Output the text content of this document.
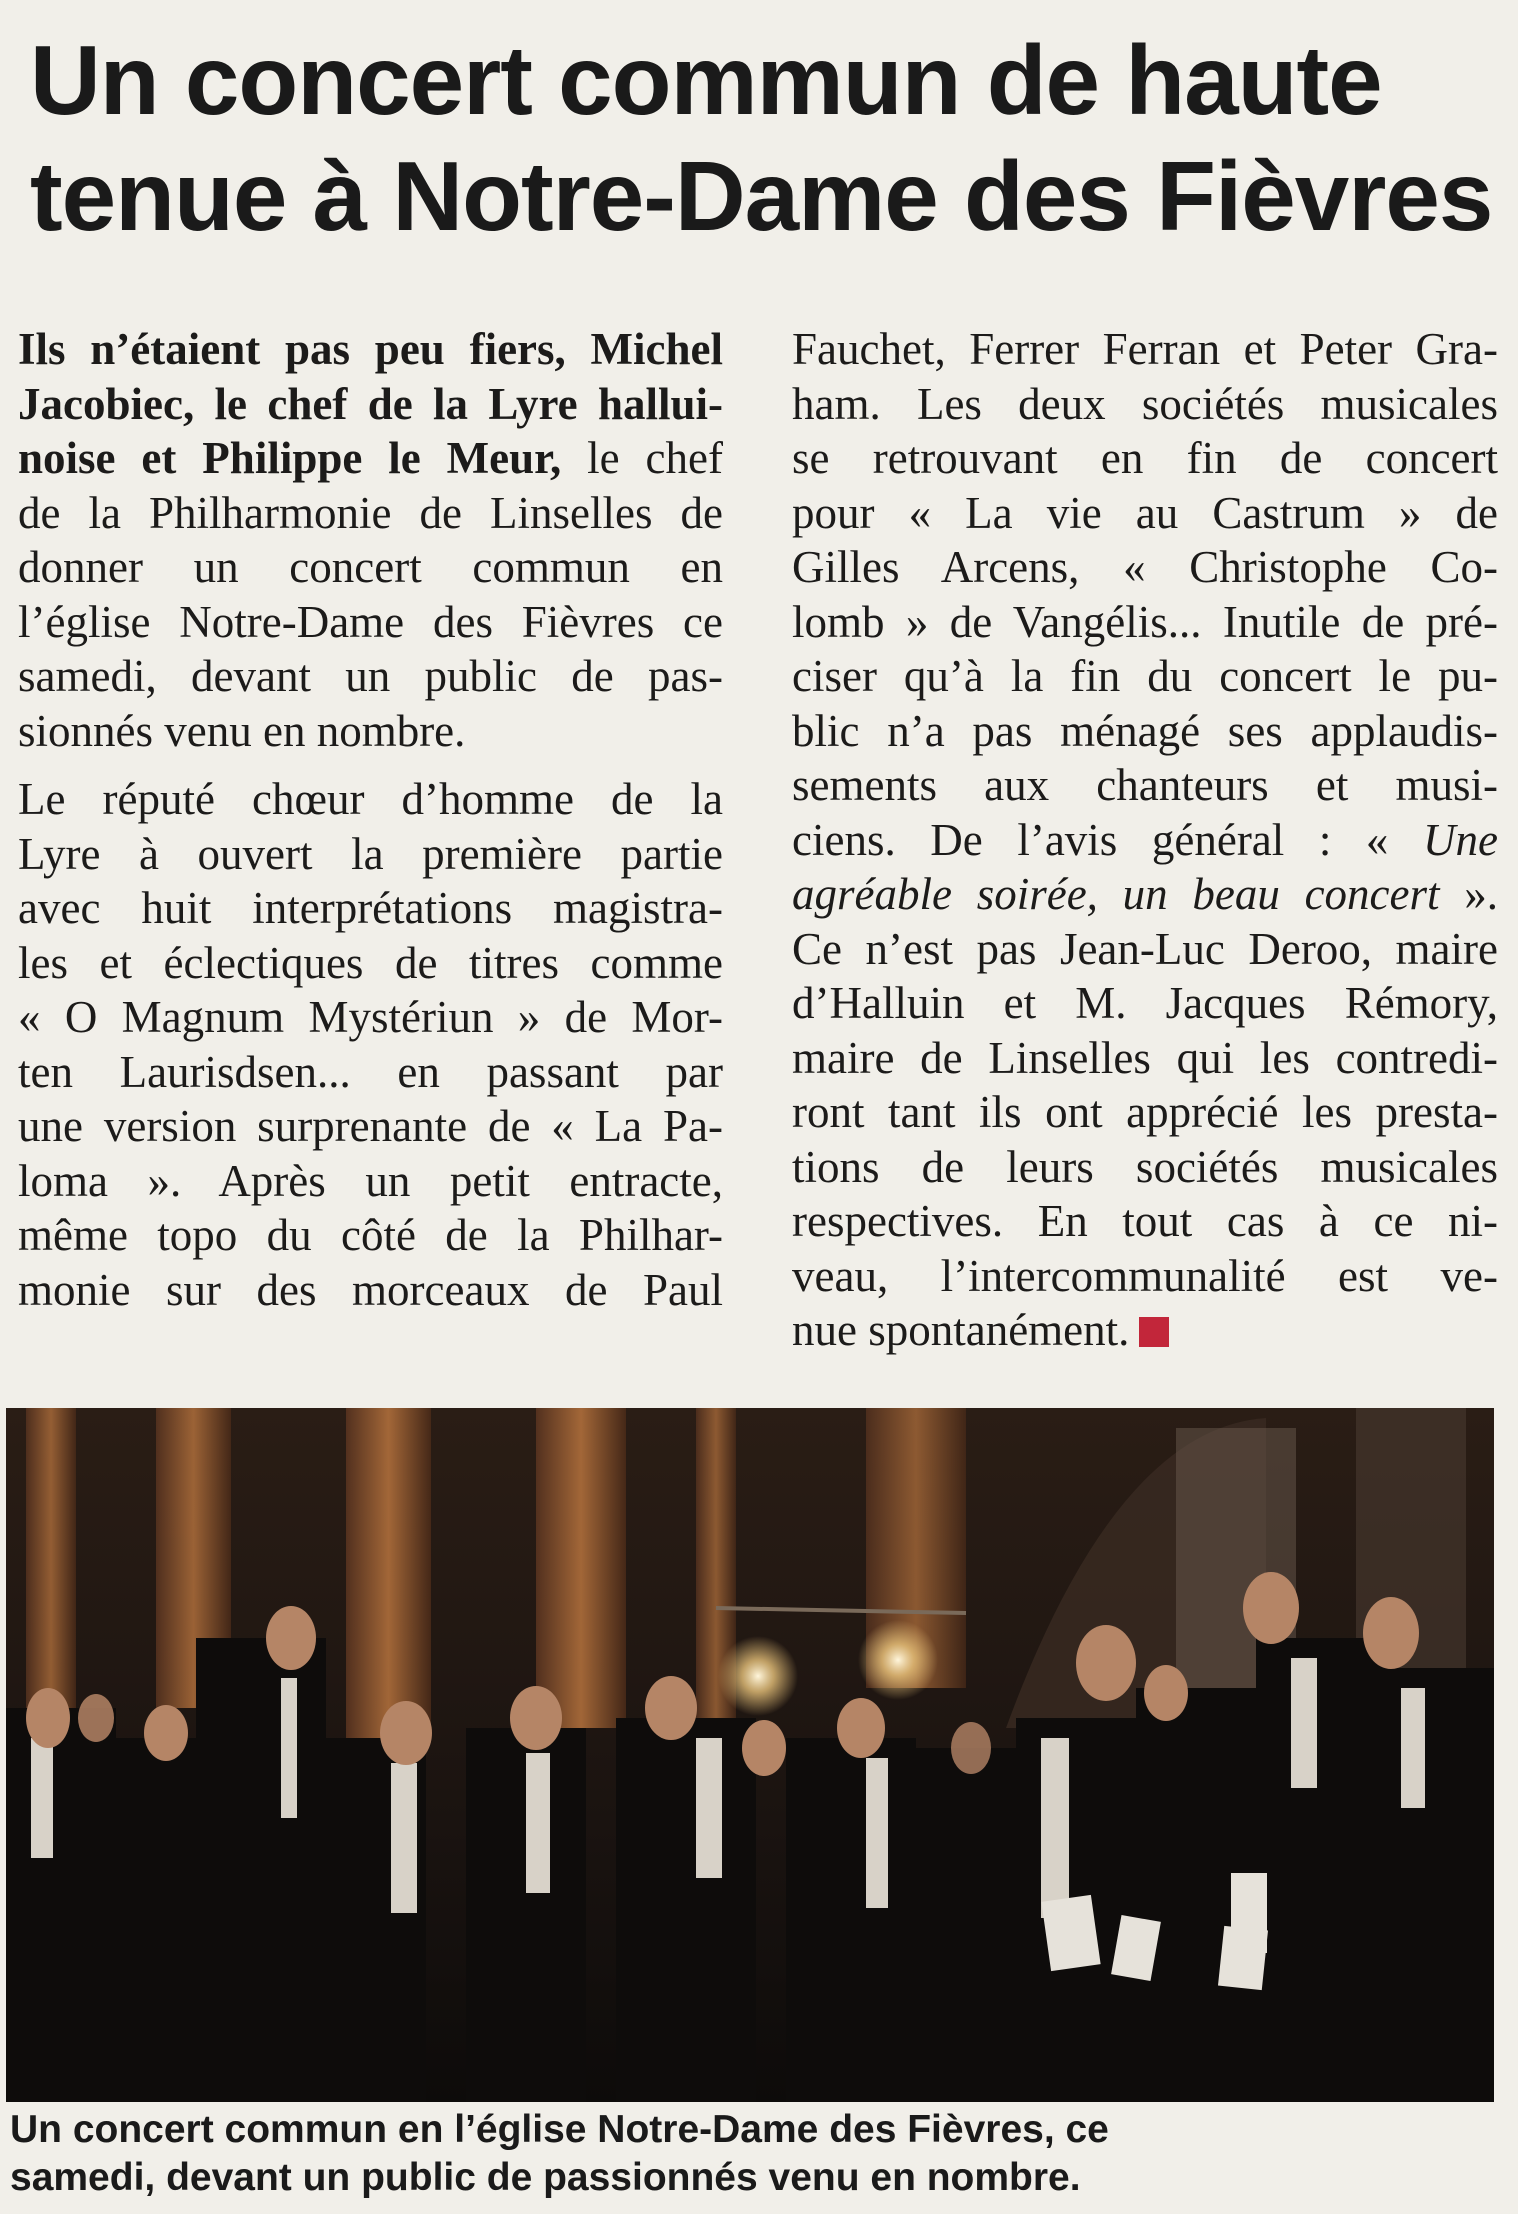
Un concert commun de haute
tenue à Notre-Dame des Fièvres
Ils n’étaient pas peu fiers, Michel
Jacobiec, le chef de la Lyre hallui-
noise et Philippe le Meur, le chef
de la Philharmonie de Linselles de
donner un concert commun en
l’église Notre-Dame des Fièvres ce
samedi, devant un public de pas-
sionnés venu en nombre.
Le réputé chœur d’homme de la
Lyre à ouvert la première partie
avec huit interprétations magistra-
les et éclectiques de titres comme
« O Magnum Mystériun » de Mor-
ten Laurisdsen... en passant par
une version surprenante de « La Pa-
loma ». Après un petit entracte,
même topo du côté de la Philhar-
monie sur des morceaux de Paul
Fauchet, Ferrer Ferran et Peter Gra-
ham. Les deux sociétés musicales
se retrouvant en fin de concert
pour « La vie au Castrum » de
Gilles Arcens, « Christophe Co-
lomb » de Vangélis... Inutile de pré-
ciser qu’à la fin du concert le pu-
blic n’a pas ménagé ses applaudis-
sements aux chanteurs et musi-
ciens. De l’avis général : « Une
agréable soirée, un beau concert ».
Ce n’est pas Jean-Luc Deroo, maire
d’Halluin et M. Jacques Rémory,
maire de Linselles qui les contredi-
ront tant ils ont apprécié les presta-
tions de leurs sociétés musicales
respectives. En tout cas à ce ni-
veau, l’intercommunalité est ve-
nue spontanément.
Un concert commun en l’église Notre-Dame des Fièvres, ce
samedi, devant un public de passionnés venu en nombre.
